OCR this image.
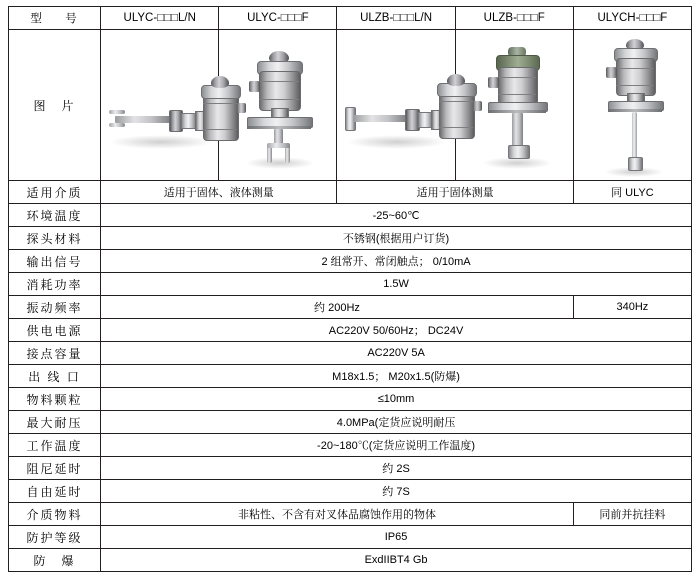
型　号	ULYC-□□□L/N	ULYC-□□□F	ULZB-□□□L/N	ULZB-□□□F	ULYCH-□□□F
图　片	

适用介质	适用于固体、液体测量		适用于固体测量		同 ULYC
环境温度	-25~60℃				
探头材料	不锈钢(根据用户订货)				
输出信号	2 组常开、常闭触点； 0/10mA				
消耗功率	1.5W				
振动频率	约 200Hz				340Hz
供电电源	AC220V 50/60Hz； DC24V				
接点容量	AC220V 5A				
出 线 口	M18x1.5； M20x1.5(防爆)				
物料颗粒	≤10mm				
最大耐压	4.0MPa(定货应说明耐压				
工作温度	-20~180℃(定货应说明工作温度)				
阻尼延时	约 2S				
自由延时	约 7S				
介质物料	非粘性、不含有对叉体品腐蚀作用的物体				同前并抗挂料
防护等级	IP65				
防　爆	ExdIIBT4 Gb				
